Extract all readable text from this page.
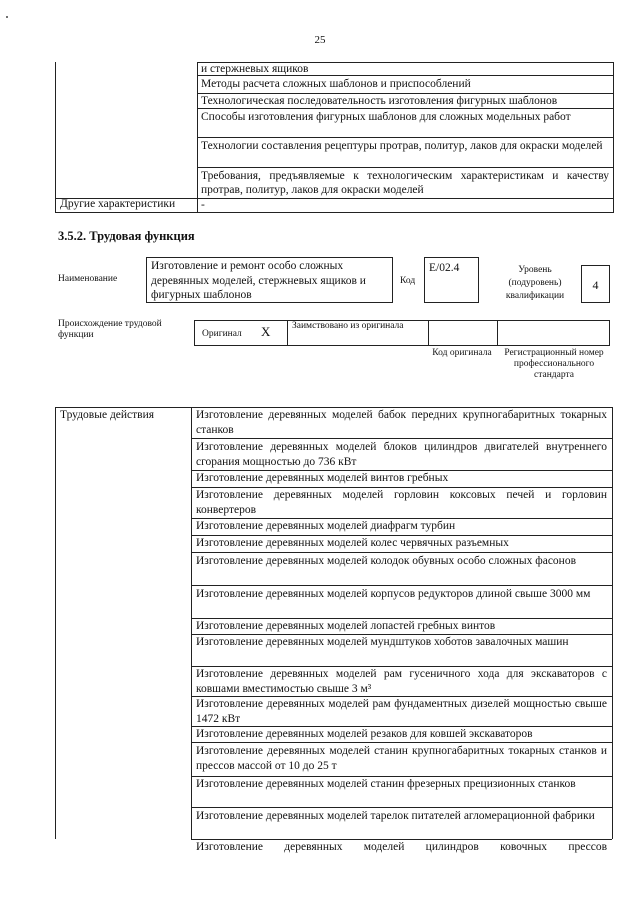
25
и стержневых ящиков
Методы расчета сложных шаблонов и приспособлений
Технологическая последовательность изготовления фигурных шаблонов
Способы изготовления фигурных шаблонов для сложных модельных работ
Технологии составления рецептуры протрав, политур, лаков для окраски моделей
Требования, предъявляемые к технологическим характеристикам и качеству протрав, политур, лаков для окраски моделей
Другие характеристики -
3.5.2. Трудовая функция
Наименование
Изготовление и ремонт особо сложных деревянных моделей, стержневых ящиков и фигурных шаблонов
Код
E/02.4	Уровень (подуровень) квалификации
4
Происхождение трудовой функции	Оригинал X Заимствовано из оригинала
Код оригинала	Регистрационный номер профессионального стандарта
Трудовые действия	Изготовление деревянных моделей бабок передних крупногабаритных токарных станков
Изготовление деревянных моделей блоков цилиндров двигателей внутреннего сгорания мощностью до 736 кВт
Изготовление деревянных моделей винтов гребных
Изготовление деревянных моделей горловин коксовых печей и горловин конвертеров
Изготовление деревянных моделей диафрагм турбин
Изготовление деревянных моделей колес червячных разъемных
Изготовление деревянных моделей колодок обувных особо сложных фасонов
Изготовление деревянных моделей корпусов редукторов длиной свыше 3000 мм
Изготовление деревянных моделей лопастей гребных винтов
Изготовление деревянных моделей мундштуков хоботов завалочных машин
Изготовление деревянных моделей рам гусеничного хода для экскаваторов с ковшами вместимостью свыше 3 м³
Изготовление деревянных моделей рам фундаментных дизелей мощностью свыше 1472 кВт
Изготовление деревянных моделей резаков для ковшей экскаваторов
Изготовление деревянных моделей станин крупногабаритных токарных станков и прессов массой от 10 до 25 т
Изготовление деревянных моделей станин фрезерных прецизионных станков
Изготовление деревянных моделей тарелок питателей агломерационной фабрики
Изготовление деревянных моделей цилиндров ковочных прессов
